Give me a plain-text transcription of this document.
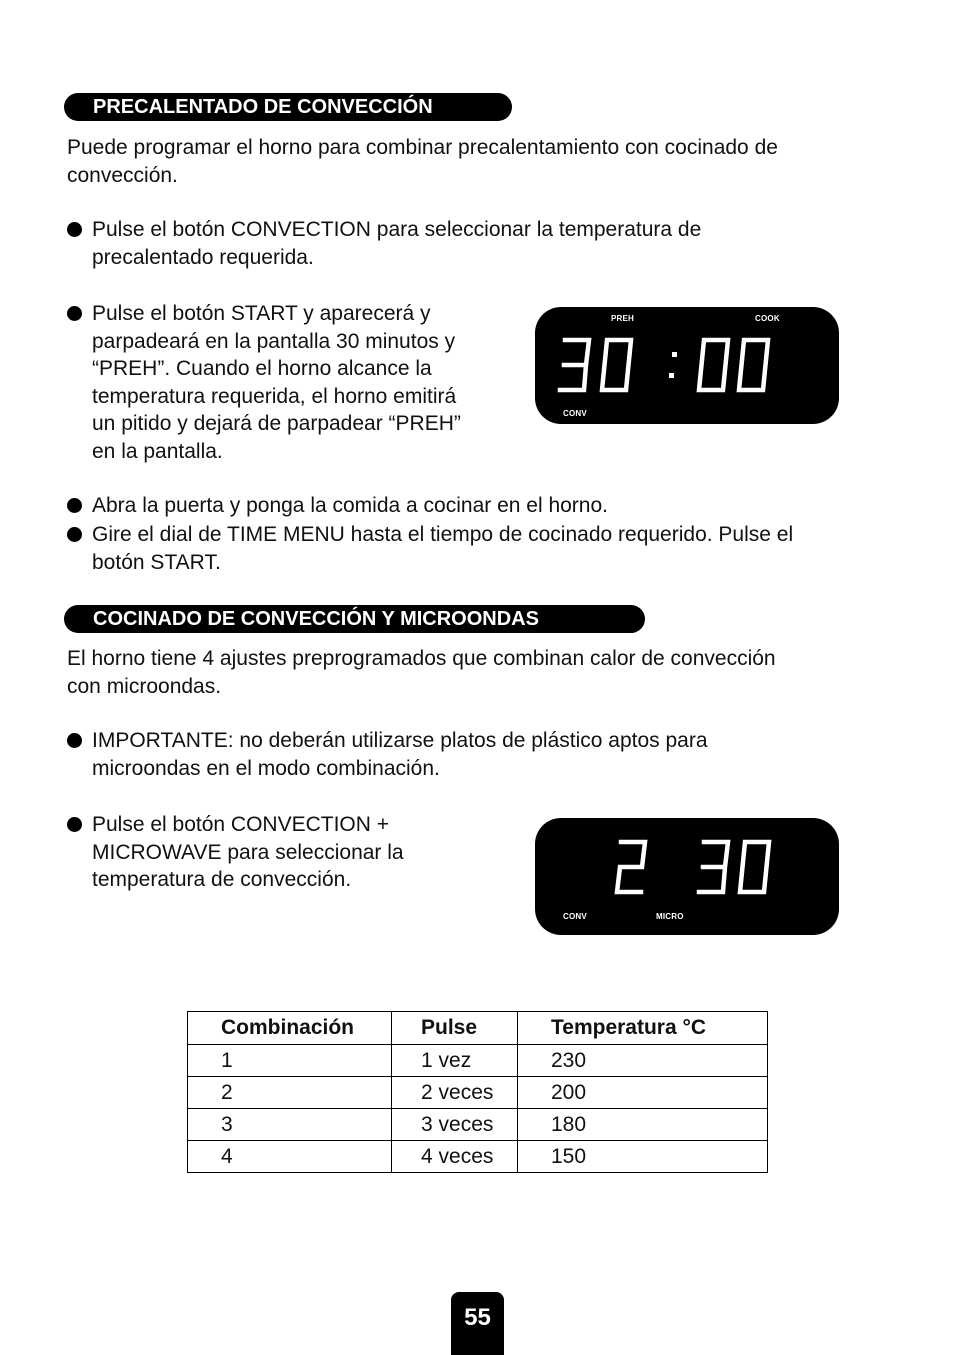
PRECALENTADO DE CONVECCIÓN

Puede programar el horno para combinar precalentamiento con cocinado de
convección.

Pulse el botón CONVECTION para seleccionar la temperatura de
precalentado requerida.

Pulse el botón START y aparecerá y
parpadeará en la pantalla 30 minutos y
“PREH”. Cuando el horno alcance la
temperatura requerida, el horno emitirá
un pitido y dejará de parpadear “PREH”
en la pantalla.

PREH	COOK
CONV

Abra la puerta y ponga la comida a cocinar en el horno.

Gire el dial de TIME MENU hasta el tiempo de cocinado requerido. Pulse el
botón START.

COCINADO DE CONVECCIÓN Y MICROONDAS

El horno tiene 4 ajustes preprogramados que combinan calor de convección
con microondas.

IMPORTANTE: no deberán utilizarse platos de plástico aptos para
microondas en el modo combinación.

Pulse el botón CONVECTION +
MICROWAVE para seleccionar la
temperatura de convección.

CONV	MICRO
Combinación	Pulse	Temperatura °C
1	1 vez	230
2	2 veces	200
3	3 veces	180
4	4 veces	150
55
